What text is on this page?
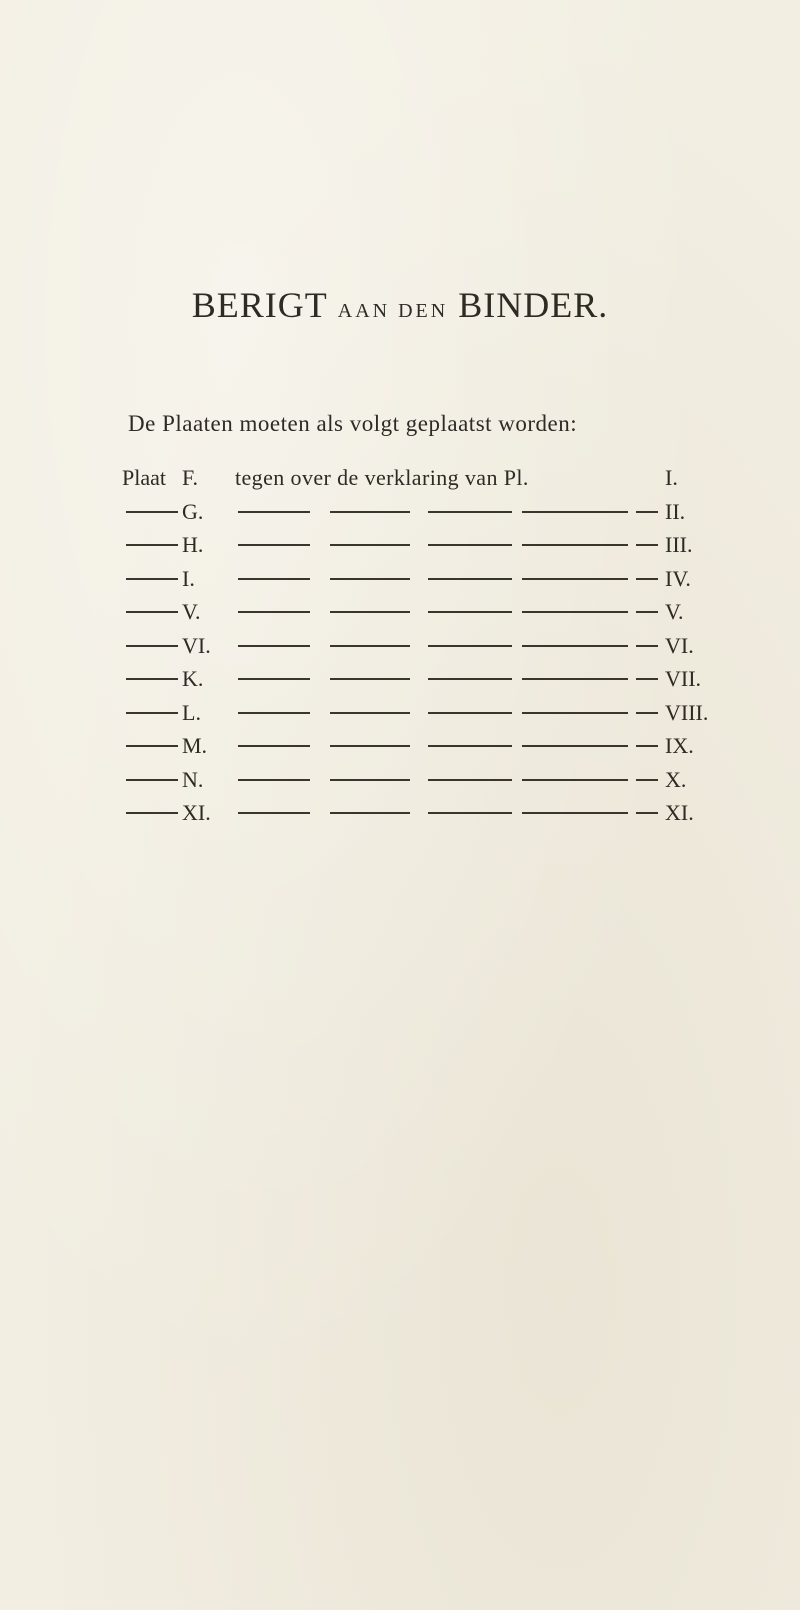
BERIGT AAN DEN BINDER.
De Plaaten moeten als volgt geplaatst worden:
Plaat F.	tegen over de verklaring van Pl.	I.
G.	II.
H.	III.
I.	IV.
V.	V.
VI.	VI.
K.	VII.
L.	VIII.
M.	IX.
N.	X.
XI.	XI.
